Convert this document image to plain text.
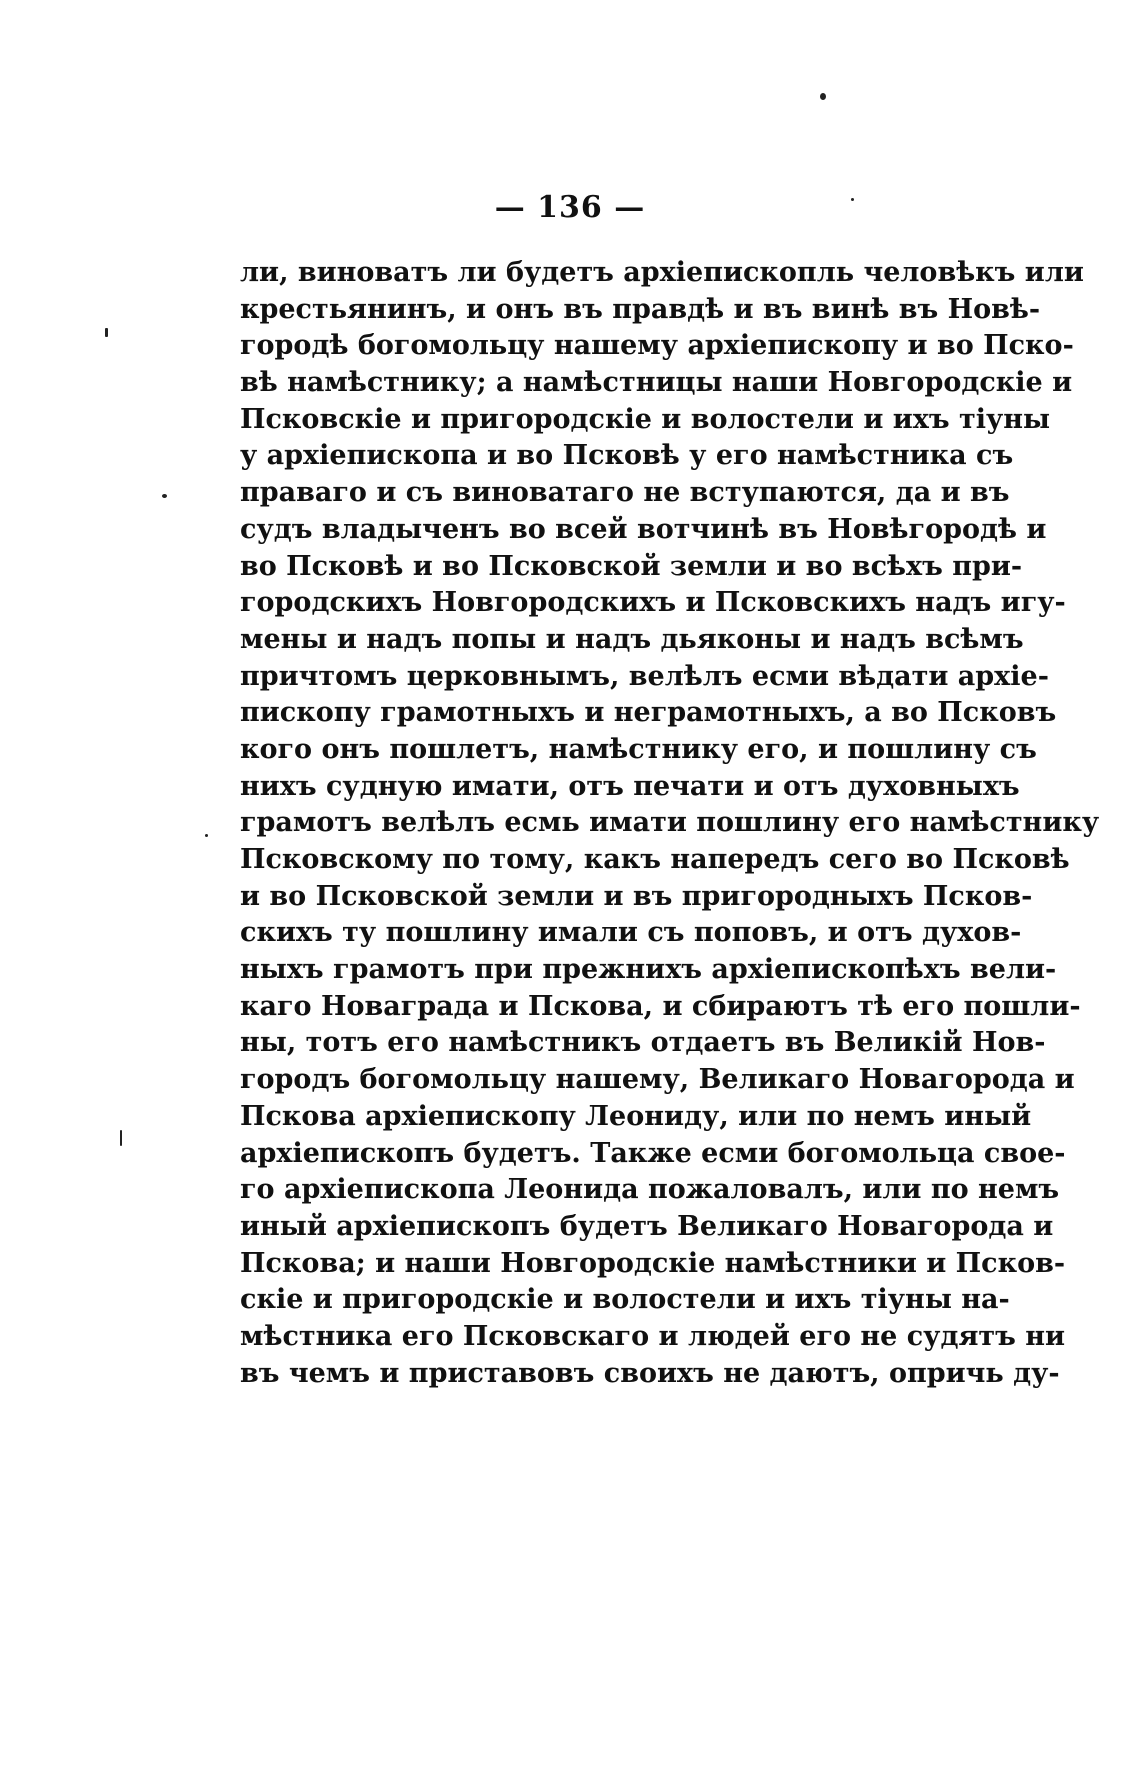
— 136 —
ли, виноватъ ли будетъ архіепископль человѣкъ или
крестьянинъ, и онъ въ правдѣ и въ винѣ въ Новѣ-
городѣ богомольцу нашему архіепископу и во Пско-
вѣ намѣстнику; а намѣстницы наши Новгородскіе и
Псковскіе и пригородскіе и волостели и ихъ тіуны
у архіепископа и во Псковѣ у его намѣстника съ
праваго и съ виноватаго не вступаются, да и въ
судъ владыченъ во всей вотчинѣ въ Новѣгородѣ и
во Псковѣ и во Псковской земли и во всѣхъ при-
городскихъ Новгородскихъ и Псковскихъ надъ игу-
мены и надъ попы и надъ дьяконы и надъ всѣмъ
причтомъ церковнымъ, велѣлъ есми вѣдати архіе-
пископу грамотныхъ и неграмотныхъ, а во Псковъ
кого онъ пошлетъ, намѣстнику его, и пошлину съ
нихъ судную имати, отъ печати и отъ духовныхъ
грамотъ велѣлъ есмь имати пошлину его намѣстнику
Псковскому по тому, какъ напередъ сего во Псковѣ
и во Псковской земли и въ пригородныхъ Псков-
скихъ ту пошлину имали съ поповъ, и отъ духов-
ныхъ грамотъ при прежнихъ архіепископѣхъ вели-
каго Новаграда и Пскова, и сбираютъ тѣ его пошли-
ны, тотъ его намѣстникъ отдаетъ въ Великій Нов-
городъ богомольцу нашему, Великаго Новагорода и
Пскова архіепископу Леониду, или по немъ иный
архіепископъ будетъ. Также есми богомольца свое-
го архіепископа Леонида пожаловалъ, или по немъ
иный архіепископъ будетъ Великаго Новагорода и
Пскова; и наши Новгородскіе намѣстники и Псков-
скіе и пригородскіе и волостели и ихъ тіуны на-
мѣстника его Псковскаго и людей его не судятъ ни
въ чемъ и приставовъ своихъ не даютъ, опричь ду-
